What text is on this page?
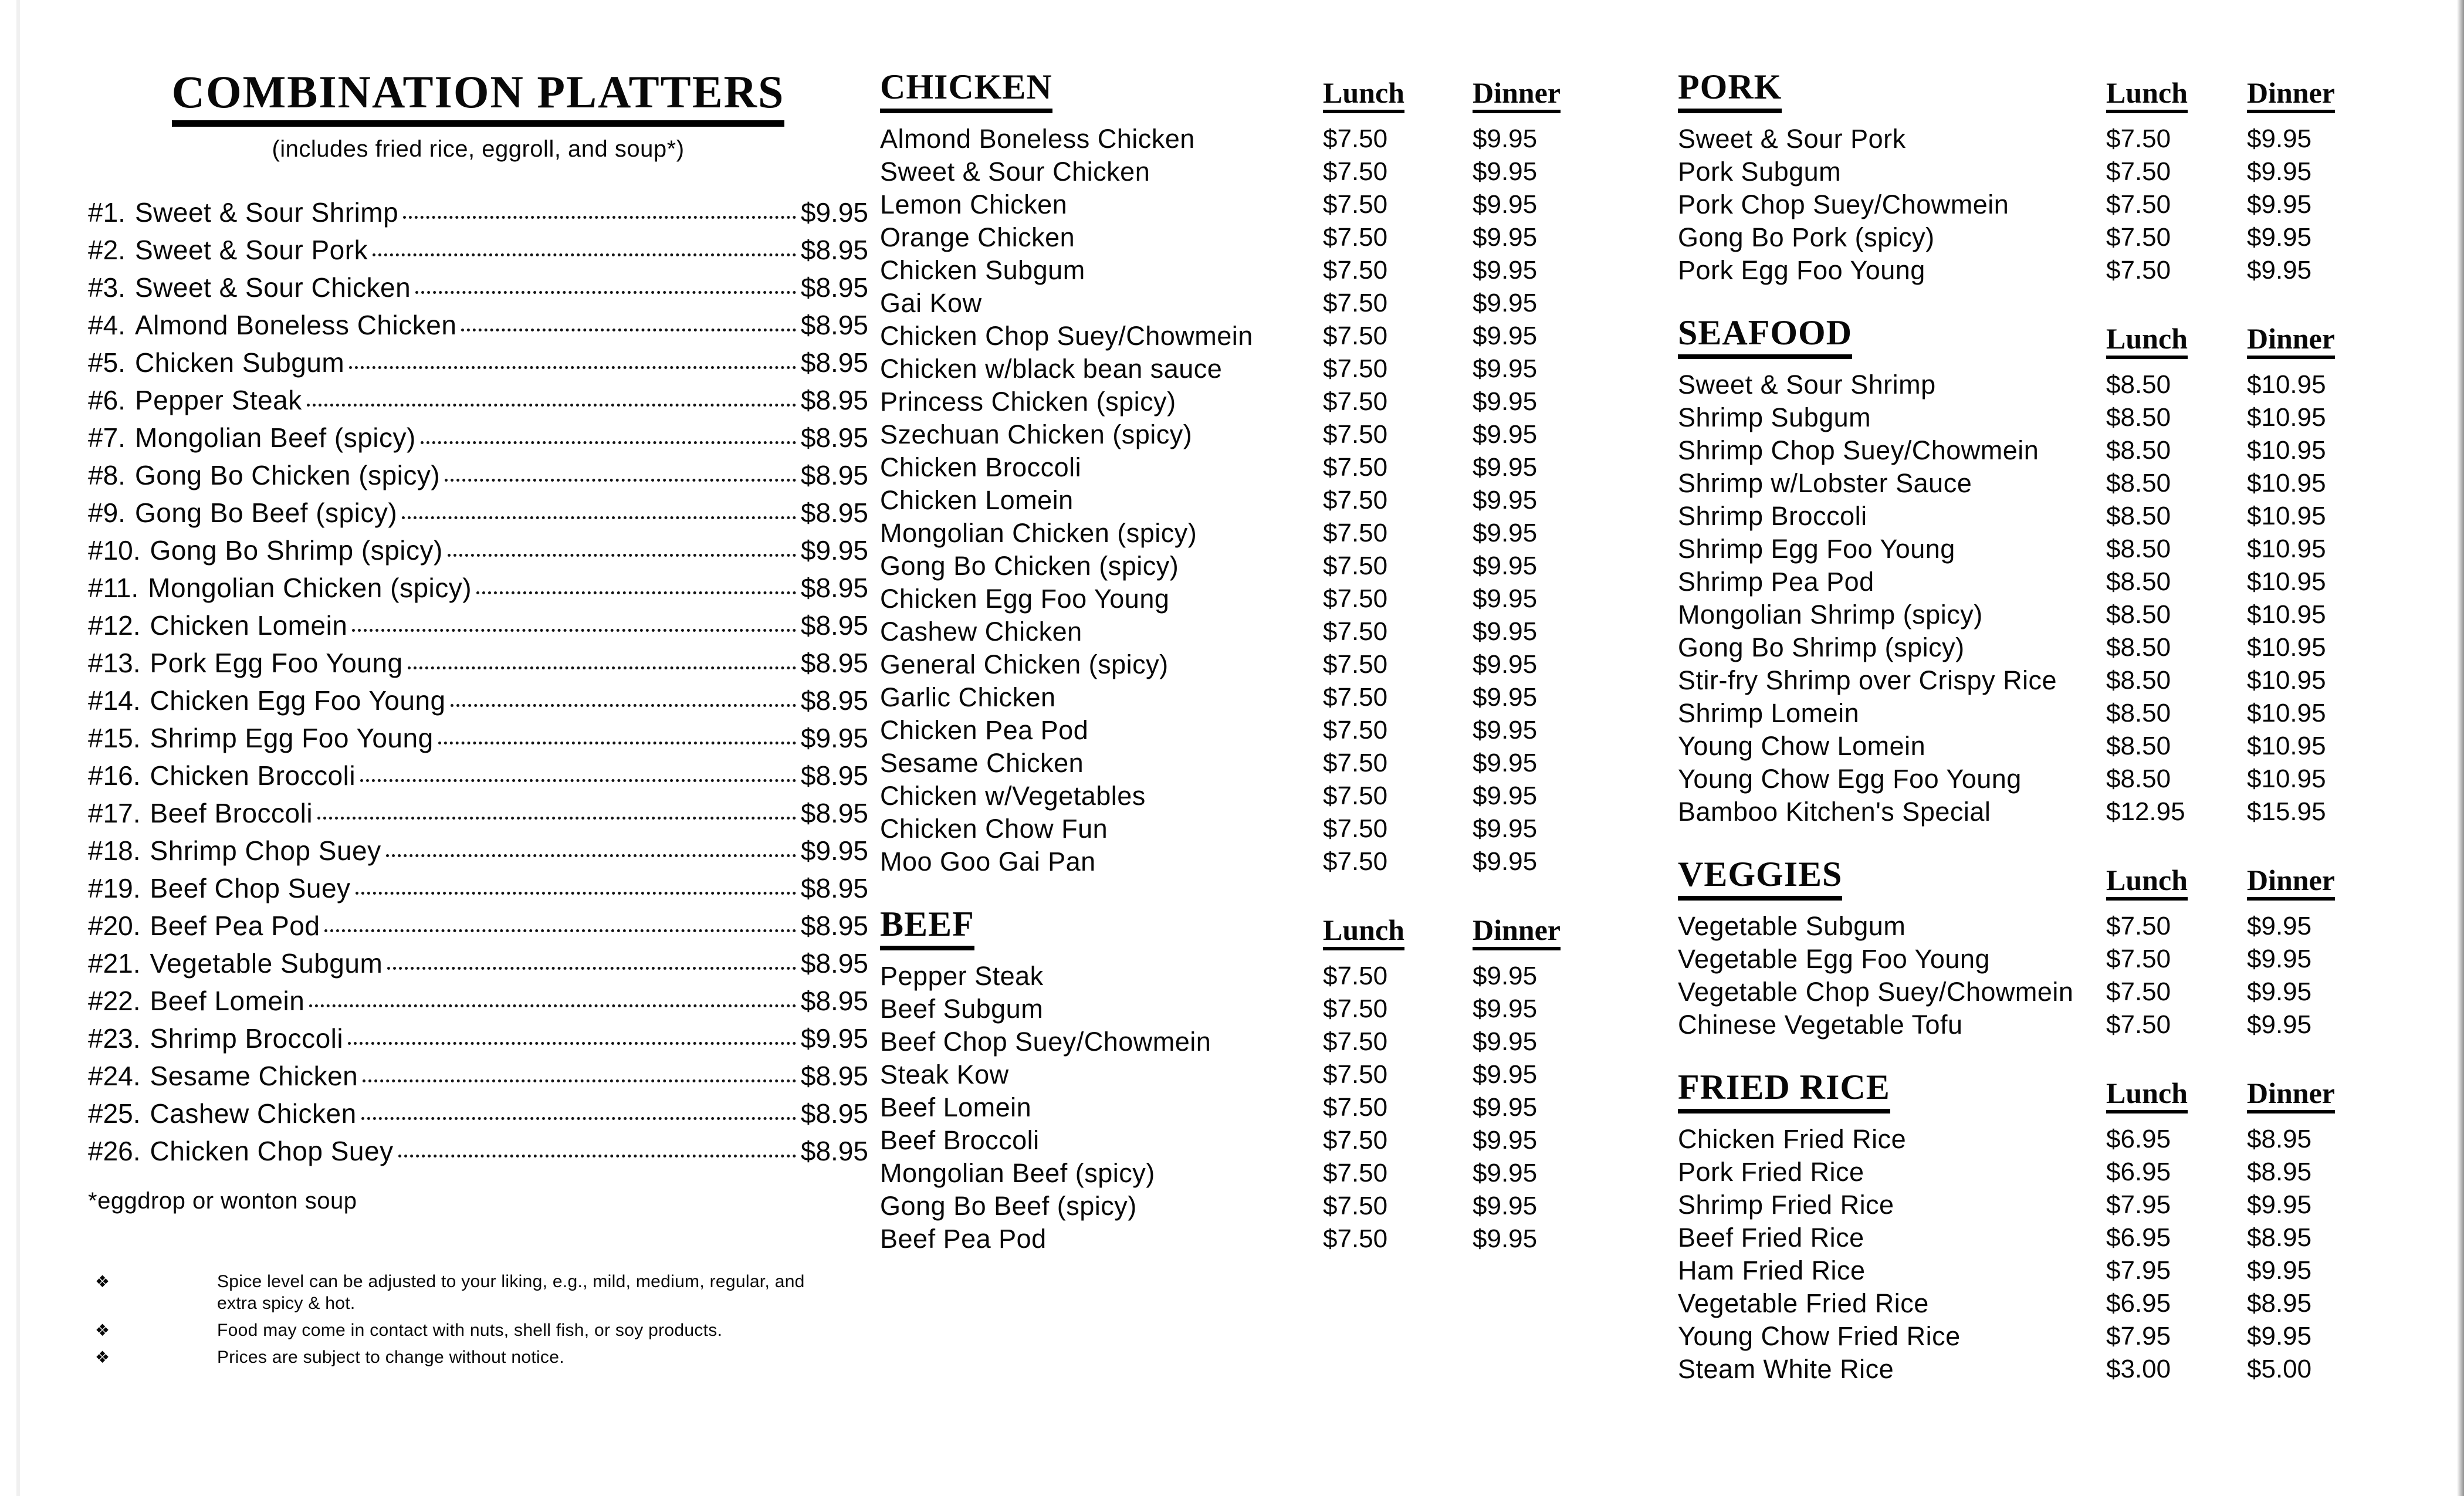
COMBINATION PLATTERS
(includes fried rice, eggroll, and soup*)
#1. Sweet & Sour Shrimp	$9.95
#2. Sweet & Sour Pork	$8.95
#3. Sweet & Sour Chicken	$8.95
#4. Almond Boneless Chicken	$8.95
#5. Chicken Subgum	$8.95
#6. Pepper Steak	$8.95
#7. Mongolian Beef (spicy)	$8.95
#8. Gong Bo Chicken (spicy)	$8.95
#9. Gong Bo Beef (spicy)	$8.95
#10. Gong Bo Shrimp (spicy)	$9.95
#11. Mongolian Chicken (spicy)	$8.95
#12. Chicken Lomein	$8.95
#13. Pork Egg Foo Young	$8.95
#14. Chicken Egg Foo Young	$8.95
#15. Shrimp Egg Foo Young	$9.95
#16. Chicken Broccoli	$8.95
#17. Beef Broccoli	$8.95
#18. Shrimp Chop Suey	$9.95
#19. Beef Chop Suey	$8.95
#20. Beef Pea Pod	$8.95
#21. Vegetable Subgum	$8.95
#22. Beef Lomein	$8.95
#23. Shrimp Broccoli	$9.95
#24. Sesame Chicken	$8.95
#25. Cashew Chicken	$8.95
#26. Chicken Chop Suey	$8.95
*eggdrop or wonton soup
❖	Spice level can be adjusted to your liking, e.g., mild, medium, regular, and extra spicy & hot.
❖	Food may come in contact with nuts, shell fish, or soy products.
❖	Prices are subject to change without notice.
CHICKEN	Lunch Dinner
Almond Boneless Chicken	$7.50	$9.95
Sweet & Sour Chicken	$7.50	$9.95
Lemon Chicken	$7.50	$9.95
Orange Chicken	$7.50	$9.95
Chicken Subgum	$7.50	$9.95
Gai Kow	$7.50	$9.95
Chicken Chop Suey/Chowmein	$7.50	$9.95
Chicken w/black bean sauce	$7.50	$9.95
Princess Chicken (spicy)	$7.50	$9.95
Szechuan Chicken (spicy)	$7.50	$9.95
Chicken Broccoli	$7.50	$9.95
Chicken Lomein	$7.50	$9.95
Mongolian Chicken (spicy)	$7.50	$9.95
Gong Bo Chicken (spicy)	$7.50	$9.95
Chicken Egg Foo Young	$7.50	$9.95
Cashew Chicken	$7.50	$9.95
General Chicken (spicy)	$7.50	$9.95
Garlic Chicken	$7.50	$9.95
Chicken Pea Pod	$7.50	$9.95
Sesame Chicken	$7.50	$9.95
Chicken w/Vegetables	$7.50	$9.95
Chicken Chow Fun	$7.50	$9.95
Moo Goo Gai Pan	$7.50	$9.95
BEEF	Lunch Dinner
Pepper Steak	$7.50	$9.95
Beef Subgum	$7.50	$9.95
Beef Chop Suey/Chowmein	$7.50	$9.95
Steak Kow	$7.50	$9.95
Beef Lomein	$7.50	$9.95
Beef Broccoli	$7.50	$9.95
Mongolian Beef (spicy)	$7.50	$9.95
Gong Bo Beef (spicy)	$7.50	$9.95
Beef Pea Pod	$7.50	$9.95
PORK	Lunch Dinner
Sweet & Sour Pork	$7.50	$9.95
Pork Subgum	$7.50	$9.95
Pork Chop Suey/Chowmein	$7.50	$9.95
Gong Bo Pork (spicy)	$7.50	$9.95
Pork Egg Foo Young	$7.50	$9.95
SEAFOOD	Lunch Dinner
Sweet & Sour Shrimp	$8.50	$10.95
Shrimp Subgum	$8.50	$10.95
Shrimp Chop Suey/Chowmein	$8.50	$10.95
Shrimp w/Lobster Sauce	$8.50	$10.95
Shrimp Broccoli	$8.50	$10.95
Shrimp Egg Foo Young	$8.50	$10.95
Shrimp Pea Pod	$8.50	$10.95
Mongolian Shrimp (spicy)	$8.50	$10.95
Gong Bo Shrimp (spicy)	$8.50	$10.95
Stir-fry Shrimp over Crispy Rice	$8.50	$10.95
Shrimp Lomein	$8.50	$10.95
Young Chow Lomein	$8.50	$10.95
Young Chow Egg Foo Young	$8.50	$10.95
Bamboo Kitchen's Special	$12.95	$15.95
VEGGIES	Lunch Dinner
Vegetable Subgum	$7.50	$9.95
Vegetable Egg Foo Young	$7.50	$9.95
Vegetable Chop Suey/Chowmein	$7.50	$9.95
Chinese Vegetable Tofu	$7.50	$9.95
FRIED RICE	Lunch Dinner
Chicken Fried Rice	$6.95	$8.95
Pork Fried Rice	$6.95	$8.95
Shrimp Fried Rice	$7.95	$9.95
Beef Fried Rice	$6.95	$8.95
Ham Fried Rice	$7.95	$9.95
Vegetable Fried Rice	$6.95	$8.95
Young Chow Fried Rice	$7.95	$9.95
Steam White Rice	$3.00	$5.00
